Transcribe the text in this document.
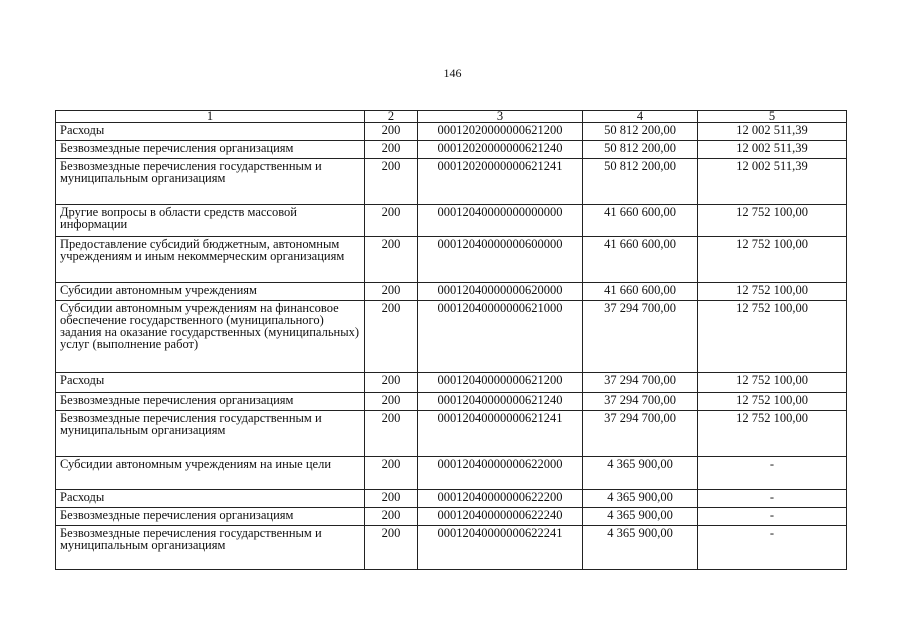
146
1	2	3	4	5
Расходы	200	00012020000000621200	50 812 200,00	12 002 511,39
Безвозмездные перечисления организациям	200	00012020000000621240	50 812 200,00	12 002 511,39
Безвозмездные перечисления государственным и муниципальным организациям	200	00012020000000621241	50 812 200,00	12 002 511,39
Другие вопросы в области средств массовой информации	200	00012040000000000000	41 660 600,00	12 752 100,00
Предоставление субсидий бюджетным, автономным учреждениям и иным некоммерческим организациям	200	00012040000000600000	41 660 600,00	12 752 100,00
Субсидии автономным учреждениям	200	00012040000000620000	41 660 600,00	12 752 100,00
Субсидии автономным учреждениям на финансовое обеспечение государственного (муниципального) задания на оказание государственных (муниципальных) услуг (выполнение работ)	200	00012040000000621000	37 294 700,00	12 752 100,00
Расходы	200	00012040000000621200	37 294 700,00	12 752 100,00
Безвозмездные перечисления организациям	200	00012040000000621240	37 294 700,00	12 752 100,00
Безвозмездные перечисления государственным и муниципальным организациям	200	00012040000000621241	37 294 700,00	12 752 100,00
Субсидии автономным учреждениям на иные цели	200	00012040000000622000	4 365 900,00	-
Расходы	200	00012040000000622200	4 365 900,00	-
Безвозмездные перечисления организациям	200	00012040000000622240	4 365 900,00	-
Безвозмездные перечисления государственным и муниципальным организациям	200	00012040000000622241	4 365 900,00	-
